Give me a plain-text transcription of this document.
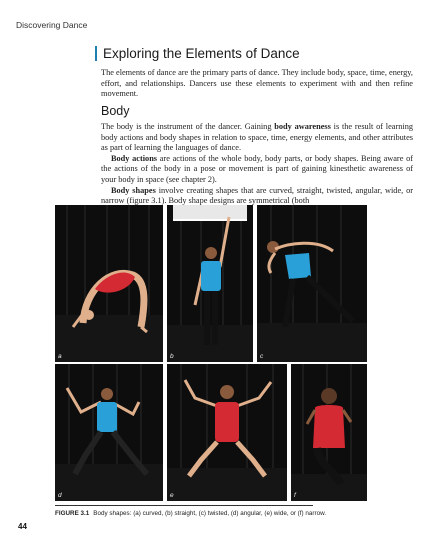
Discovering Dance
Exploring the Elements of Dance
The elements of dance are the primary parts of dance. They include body, space, time, energy, effort, and relationships. Dancers use these elements to experiment with and then refine movement.
Body

The body is the instrument of the dancer. Gaining body awareness is the result of learning body actions and body shapes in relation to space, time, energy elements, and other attributes as part of learning the languages of dance.

Body actions are actions of the whole body, body parts, or body shapes. Being aware of the actions of the body in a pose or movement is part of gaining kinesthetic awareness of your body in space (see chapter 2).

Body shapes involve creating shapes that are curved, straight, twisted, angular, wide, or narrow (figure 3.1). Body shape designs are symmetrical (both

a	b	c
d	e	f
FIGURE 3.1 Body shapes: (a) curved, (b) straight, (c) twisted, (d) angular, (e) wide, or (f) narrow.
44
